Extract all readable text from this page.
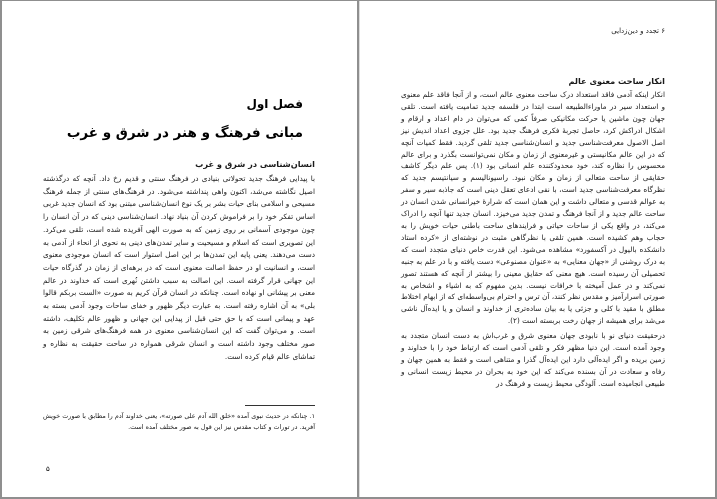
فصل اول
مبانی فرهنگ و هنر در شرق و غرب
انسان‌شناسی در شرق و غرب
با پیدایی فرهنگ جدید تحولاتی بنیادی در فرهنگ سنتی و قدیم رخ داد. آنچه که درگذشته اصیل نگاشته می‌شد، اکنون واهی پنداشته می‌شود. در فرهنگ‌های سنتی از جمله فرهنگ مسیحی و اسلامی بنای حیات بشر بر یک نوع انسان‌شناسی مبتنی بود که انسان جدید غربی اساس تفکر خود را بر فراموش کردن آن بنیاد نهاد. انسان‌شناسی دینی که در آن انسان را چون موجودی آسمانی بر روی زمین که به صورت الهی آفریده شده است، تلقی می‌کرد. این تصویری است که اسلام و مسیحیت و سایر تمدن‌های دینی به نحوی از انحاء از آدمی به دست می‌دهند. یعنی پایه این تمدن‌ها بر این اصل استوار است که انسان موجودی معنوی است، و انسانیت او در حفظ اصالت معنوی است که در برهه‌ای از زمان در گذرگاه حیات این جهانی قرار گرفته است. این اصالت به سبب داشتن نُهری است که خداوند در عالم معنی بر پیشانی او نهاده است. چنانکه در انسان قرآن کریم به صورت «الست بربکم قالوا بلی» به آن اشاره رفته است. به عبارت دیگر ظهور و خفای ساحات وجود آدمی بسته به عهد و پیمانی است که با حق حتی قبل از پیدایی این جهانی و ظهور عالم تکلیف، داشته است. و می‌توان گفت که این انسان‌شناسی معنوی در همه فرهنگ‌های شرقی زمین به صور مختلف وجود داشته است و انسان شرقی همواره در ساحت حقیقت به نظاره و تماشای عالم قیام کرده است.
۱. چنانکه در حدیث نبوی آمده «خلق الله آدم علی صورته»، یعنی خداوند آدم را مطابق با صورت خویش آفرید. در تورات و کتاب مقدس نیز این قول به صور مختلف آمده است.
۵
۶ تجدد و دین‌زدایی
انکار ساحت معنوی عالم

انکار اینکه آدمی فاقد استعداد درک ساحت معنوی عالم است، و از آنجا فاقد علم معنوی و استعداد سیر در ماوراءالطبیعه است ابتدا در فلسفه جدید تمامیت یافته است. تلقی جهان چون ماشین یا حرکت مکانیکی صرفاً کمی که می‌توان در دام اعداد و ارقام و اشکال ادراکش کرد، حاصل تجربهٔ فکری فرهنگ جدید بود. علل جزوی اعداد اندیش نیز اصل الاصول معرفت‌شناسی جدید و انسان‌شناسی جدید تلقی گردید. فقط کمیات آنچه که در این عالم مکانیستی و غیرمعنوی از زمان و مکان نمی‌توانست بگذرد و برای عالم محسوس را نظاره کند، خود محدودکننده علم انسانی بود (۱). پس علم دیگر کاشف حقایقی از ساحت متعالی از زمان و مکان نبود. راسیونالیسم و سیانتیسم جدید که نظرگاه معرفت‌شناسی جدید است، با نفی ادعای تعقل دینی است که جاذبه سیر و سفر به عوالم قدسی و متعالی داشت و این همان است که شرارهٔ خیرانسانی شدن انسان در ساحت عالم جدید و از آنجا فرهنگ و تمدن جدید می‌خیزد. انسان جدید تنها آنچه را ادراک می‌کند، در واقع یکی از ساحات حیاتی و فرایندهای ساحت باطنی حیات خویش را به حجاب وهم کشیده است. همین تلقی با نظرگاهی مثبت در نوشته‌ای از «کرده استاد دانشکده بالیول در آکسفورد» مشاهده می‌شود. این قدرت خاص دنیای متجدد است که به درک روشنی از «جهان معنایی» به «عنوان مصنوعی» دست یافته و با در علم به جنبه تحصیلی آن رسیده است. هیچ معنی که حقایق معینی را بیشتر از آنچه که هستند تصور نمی‌کند و در عمل آمیخته با خرافات نیست. بدین مفهوم که به اشیاء و اشخاص به صورتی اسرارآمیز و مقدس نظر کنند، آن ترس و احترام بی‌واسطه‌ای که از ابهام اختلاط مطلق با مقید با کلی و جزئی یا به بیان ساده‌تری از خداوند و انسان و یا ایده‌آل ناشی می‌شد برای همیشه از جهان رخت بربسته است (۲).

درحقیقت دنیای نو با نابودی جهان معنوی شرق و غرب‌اش به دست انسان متجدد به وجود آمده است. این دنیا مظهر فکر و تلقی آدمی است که ارتباط خود را با خداوند و زمین بریده و اگر ایده‌آلی دارد این ایده‌آل گذرا و متناهی است و فقط به همین جهان و رفاه و سعادت در آن بسنده می‌کند که این خود به بحران در محیط زیست انسانی و طبیعی انجامیده است. آلودگی محیط زیست و فرهنگ در
